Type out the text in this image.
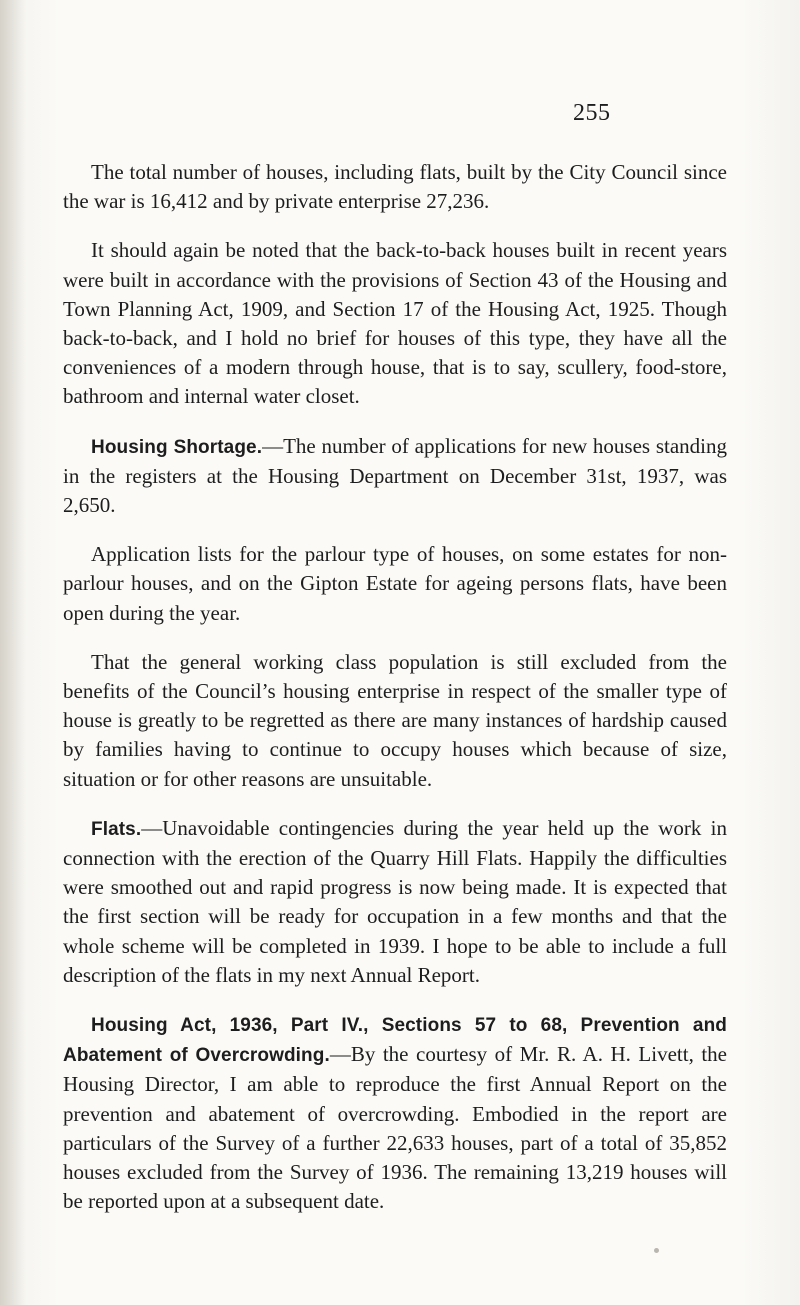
255

The total number of houses, including flats, built by the City Council since the war is 16,412 and by private enterprise 27,236.

It should again be noted that the back-to-back houses built in recent years were built in accordance with the provisions of Section 43 of the Housing and Town Planning Act, 1909, and Section 17 of the Housing Act, 1925. Though back-to-back, and I hold no brief for houses of this type, they have all the conveniences of a modern through house, that is to say, scullery, food-store, bathroom and internal water closet.

Housing Shortage.—The number of applications for new houses standing in the registers at the Housing Department on December 31st, 1937, was 2,650.

Application lists for the parlour type of houses, on some estates for non-parlour houses, and on the Gipton Estate for ageing persons flats, have been open during the year.

That the general working class population is still excluded from the benefits of the Council’s housing enterprise in respect of the smaller type of house is greatly to be regretted as there are many instances of hardship caused by families having to continue to occupy houses which because of size, situation or for other reasons are unsuitable.

Flats.—Unavoidable contingencies during the year held up the work in connection with the erection of the Quarry Hill Flats. Happily the difficulties were smoothed out and rapid progress is now being made. It is expected that the first section will be ready for occupation in a few months and that the whole scheme will be completed in 1939. I hope to be able to include a full description of the flats in my next Annual Report.

Housing Act, 1936, Part IV., Sections 57 to 68, Prevention and Abatement of Overcrowding.—By the courtesy of Mr. R. A. H. Livett, the Housing Director, I am able to reproduce the first Annual Report on the prevention and abatement of overcrowding. Embodied in the report are particulars of the Survey of a further 22,633 houses, part of a total of 35,852 houses excluded from the Survey of 1936. The remaining 13,219 houses will be reported upon at a subsequent date.
